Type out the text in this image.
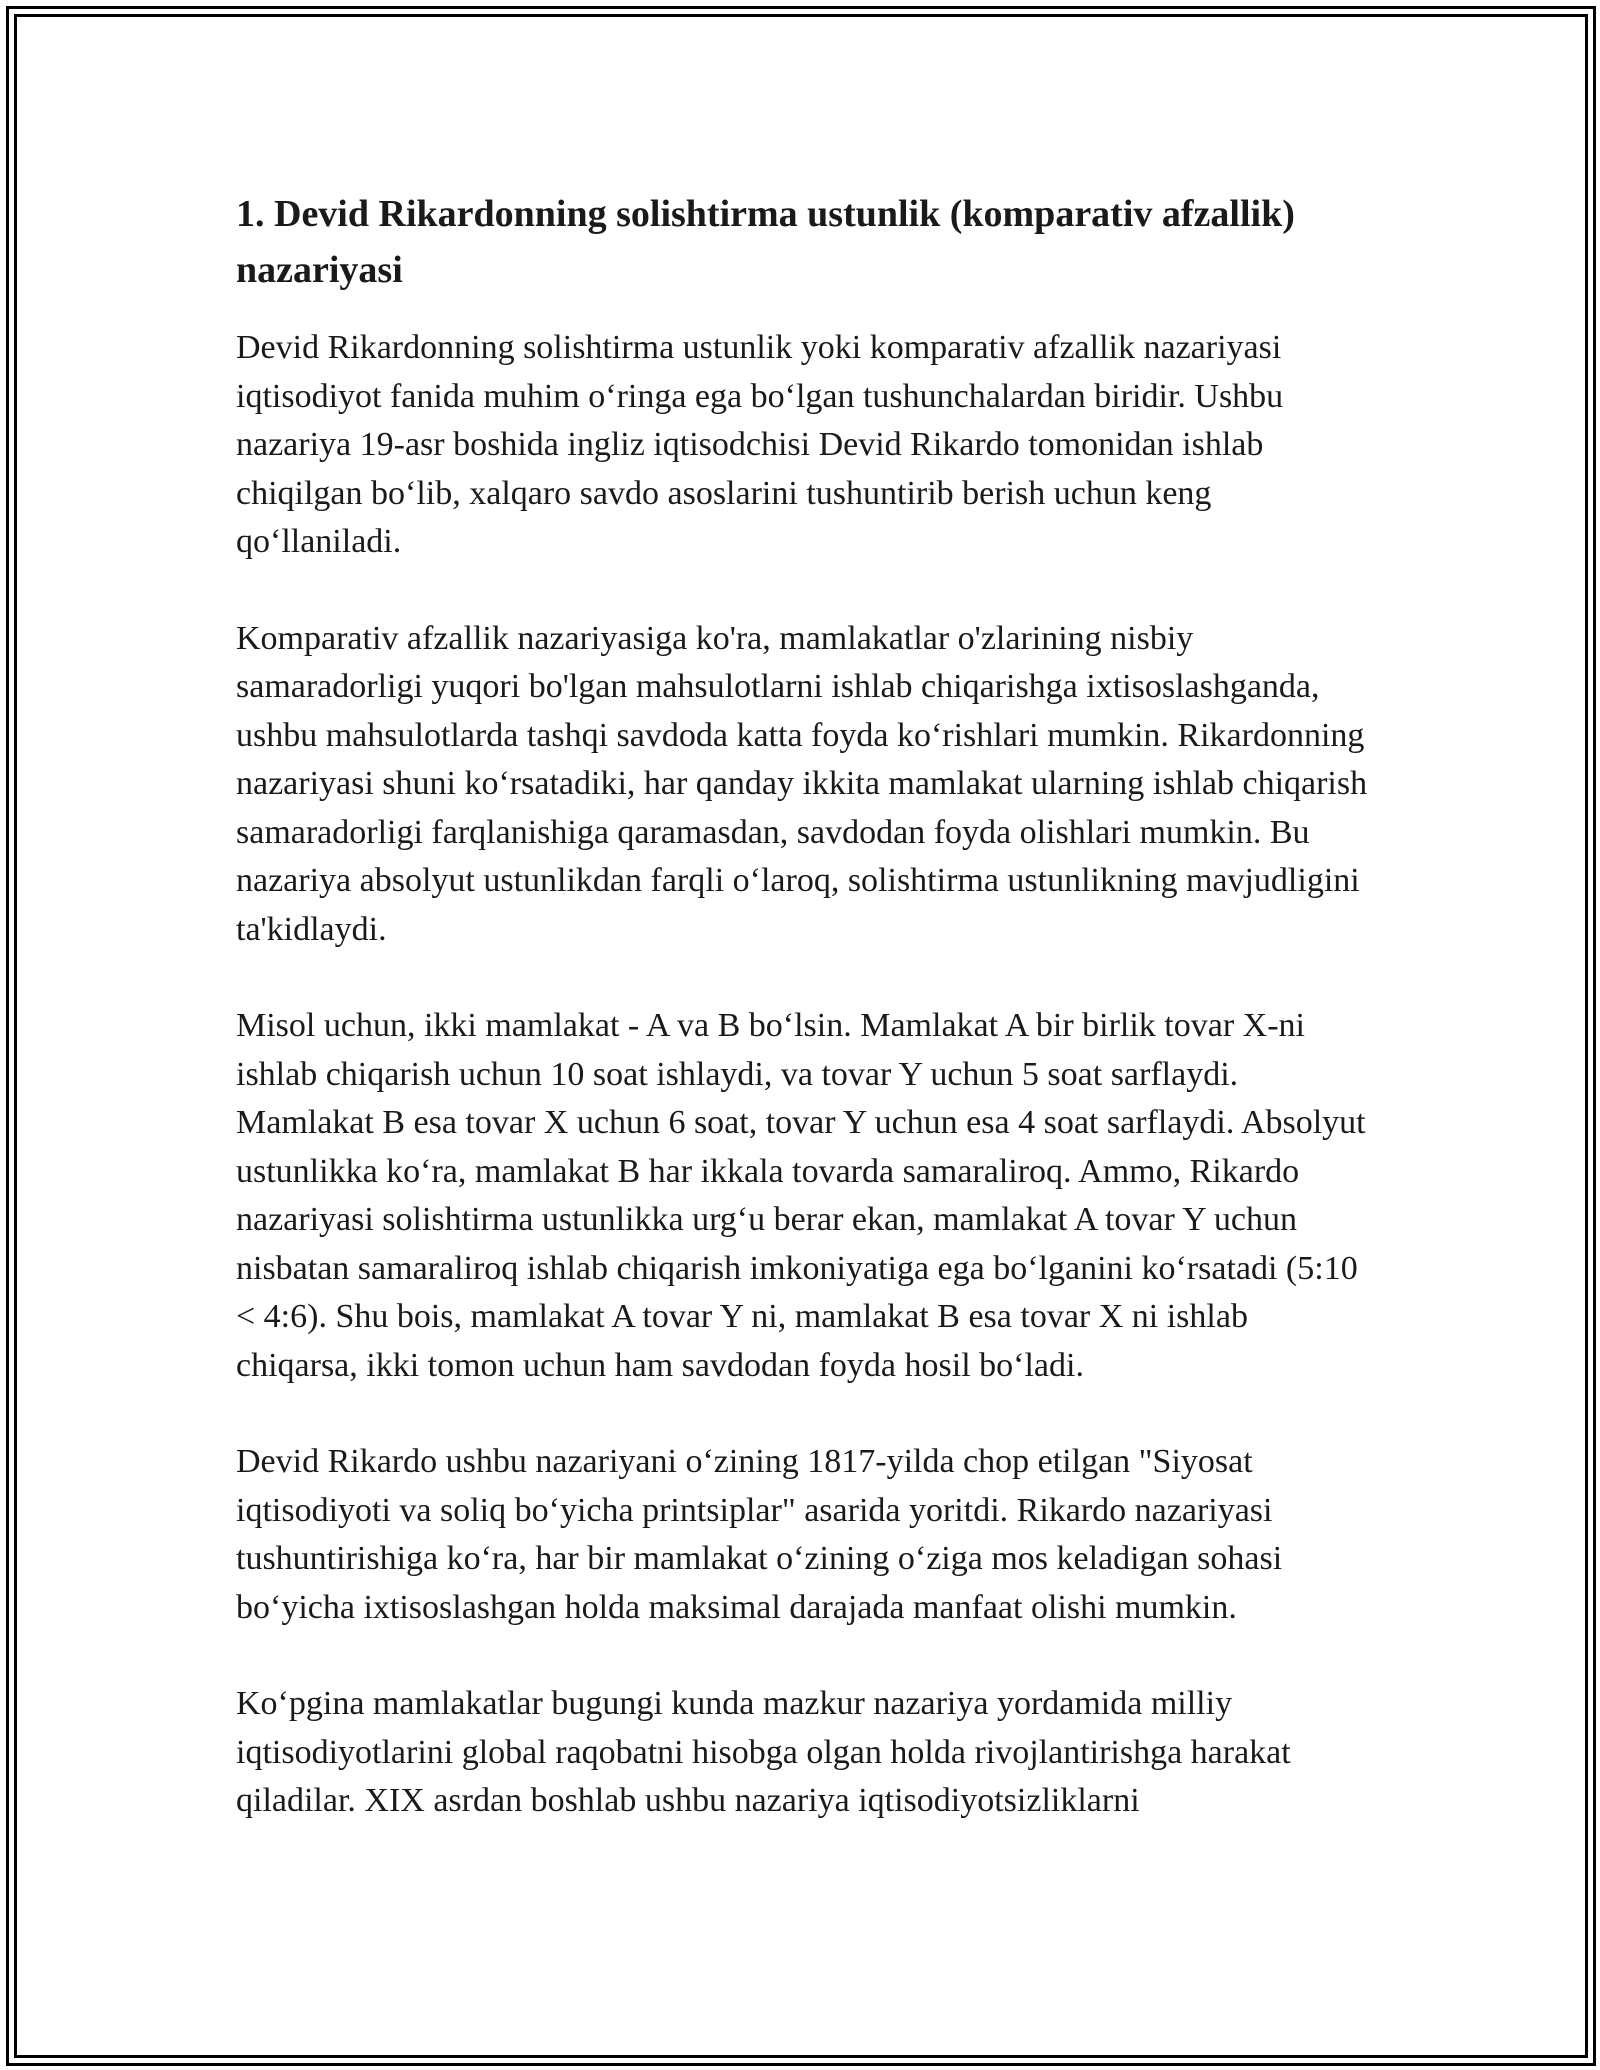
1. Devid Rikardonning solishtirma ustunlik (komparativ afzallik) nazariyasi

Devid Rikardonning solishtirma ustunlik yoki komparativ afzallik nazariyasi iqtisodiyot fanida muhim o‘ringa ega bo‘lgan tushunchalardan biridir. Ushbu nazariya 19-asr boshida ingliz iqtisodchisi Devid Rikardo tomonidan ishlab chiqilgan bo‘lib, xalqaro savdo asoslarini tushuntirib berish uchun keng qo‘llaniladi.

Komparativ afzallik nazariyasiga ko'ra, mamlakatlar o'zlarining nisbiy samaradorligi yuqori bo'lgan mahsulotlarni ishlab chiqarishga ixtisoslashganda, ushbu mahsulotlarda tashqi savdoda katta foyda ko‘rishlari mumkin. Rikardonning nazariyasi shuni ko‘rsatadiki, har qanday ikkita mamlakat ularning ishlab chiqarish samaradorligi farqlanishiga qaramasdan, savdodan foyda olishlari mumkin. Bu nazariya absolyut ustunlikdan farqli o‘laroq, solishtirma ustunlikning mavjudligini ta'kidlaydi.

Misol uchun, ikki mamlakat - A va B bo‘lsin. Mamlakat A bir birlik tovar X-ni ishlab chiqarish uchun 10 soat ishlaydi, va tovar Y uchun 5 soat sarflaydi. Mamlakat B esa tovar X uchun 6 soat, tovar Y uchun esa 4 soat sarflaydi. Absolyut ustunlikka ko‘ra, mamlakat B har ikkala tovarda samaraliroq. Ammo, Rikardo nazariyasi solishtirma ustunlikka urg‘u berar ekan, mamlakat A tovar Y uchun nisbatan samaraliroq ishlab chiqarish imkoniyatiga ega bo‘lganini ko‘rsatadi (5:10 < 4:6). Shu bois, mamlakat A tovar Y ni, mamlakat B esa tovar X ni ishlab chiqarsa, ikki tomon uchun ham savdodan foyda hosil bo‘ladi.

Devid Rikardo ushbu nazariyani o‘zining 1817-yilda chop etilgan "Siyosat iqtisodiyoti va soliq bo‘yicha printsiplar" asarida yoritdi. Rikardo nazariyasi tushuntirishiga ko‘ra, har bir mamlakat o‘zining o‘ziga mos keladigan sohasi bo‘yicha ixtisoslashgan holda maksimal darajada manfaat olishi mumkin.

Ko‘pgina mamlakatlar bugungi kunda mazkur nazariya yordamida milliy iqtisodiyotlarini global raqobatni hisobga olgan holda rivojlantirishga harakat qiladilar. XIX asrdan boshlab ushbu nazariya iqtisodiyotsizliklarni
